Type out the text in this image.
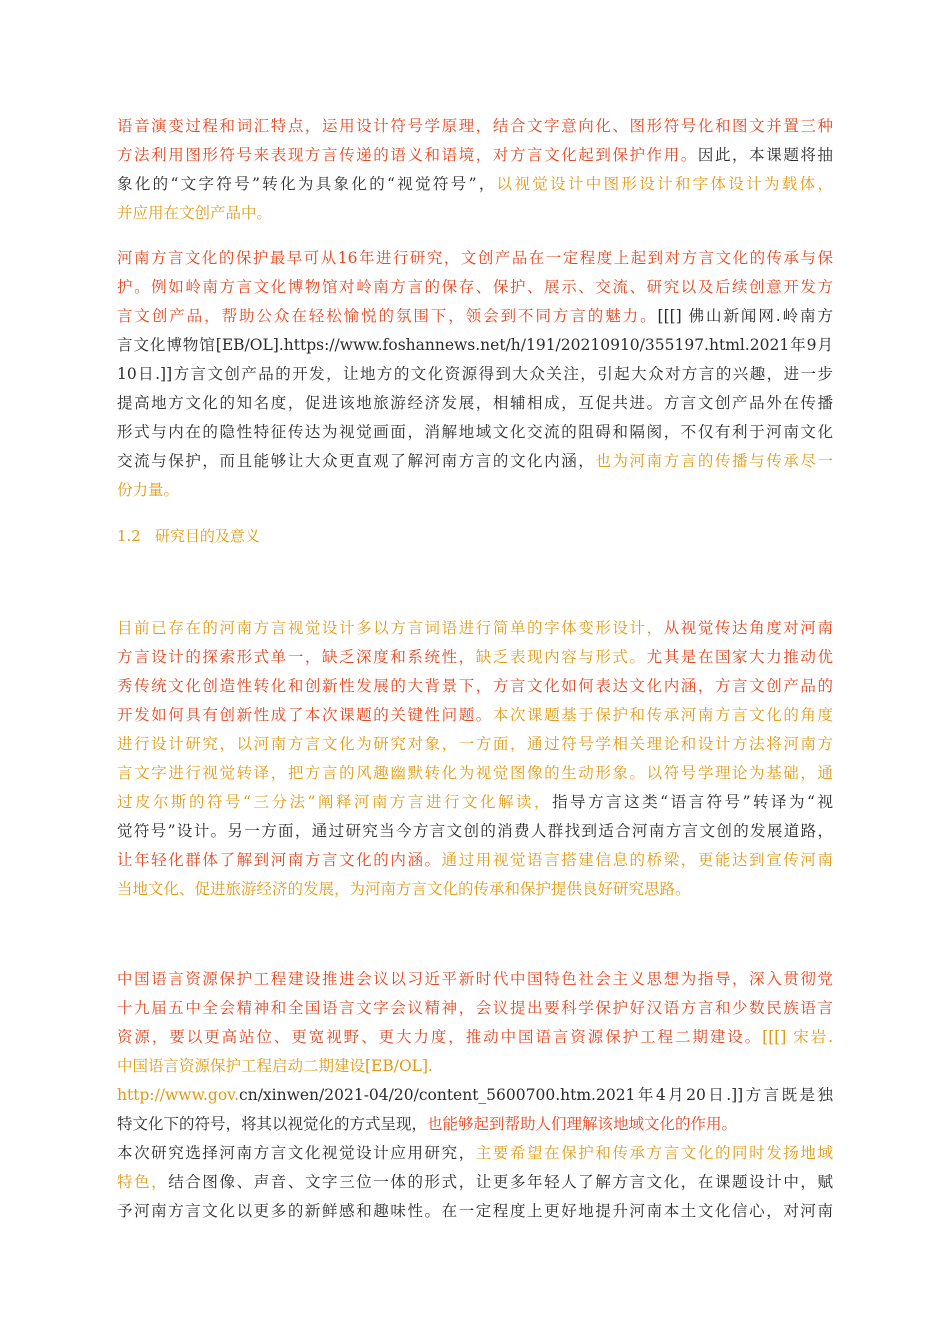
语音演变过程和词汇特点，运用设计符号学原理，结合文字意向化、图形符号化和图文并置三种
方法利用图形符号来表现方言传递的语义和语境，对方言文化起到保护作用。因此，本课题将抽
象化的“文字符号”转化为具象化的“视觉符号”，以视觉设计中图形设计和字体设计为载体，
并应用在文创产品中。

河南方言文化的保护最早可从16年进行研究，文创产品在一定程度上起到对方言文化的传承与保
护。例如岭南方言文化博物馆对岭南方言的保存、保护、展示、交流、研究以及后续创意开发方
言文创产品，帮助公众在轻松愉悦的氛围下，领会到不同方言的魅力。[[[] 佛山新闻网.岭南方
言文化博物馆[EB/OL].https://www.foshannews.net/h/191/20210910/355197.html.2021年9月
10日.]]方言文创产品的开发，让地方的文化资源得到大众关注，引起大众对方言的兴趣，进一步
提高地方文化的知名度，促进该地旅游经济发展，相辅相成，互促共进。方言文创产品外在传播
形式与内在的隐性特征传达为视觉画面，消解地域文化交流的阻碍和隔阂，不仅有利于河南文化
交流与保护，而且能够让大众更直观了解河南方言的文化内涵，也为河南方言的传播与传承尽一
份力量。

1.2 研究目的及意义

目前已存在的河南方言视觉设计多以方言词语进行简单的字体变形设计，从视觉传达角度对河南
方言设计的探索形式单一，缺乏深度和系统性，缺乏表现内容与形式。尤其是在国家大力推动优
秀传统文化创造性转化和创新性发展的大背景下，方言文化如何表达文化内涵，方言文创产品的
开发如何具有创新性成了本次课题的关键性问题。本次课题基于保护和传承河南方言文化的角度
进行设计研究，以河南方言文化为研究对象，一方面，通过符号学相关理论和设计方法将河南方
言文字进行视觉转译，把方言的风趣幽默转化为视觉图像的生动形象。以符号学理论为基础，通
过皮尔斯的符号“三分法”阐释河南方言进行文化解读，指导方言这类“语言符号”转译为“视
觉符号”设计。另一方面，通过研究当今方言文创的消费人群找到适合河南方言文创的发展道路，
让年轻化群体了解到河南方言文化的内涵。通过用视觉语言搭建信息的桥梁，更能达到宣传河南
当地文化、促进旅游经济的发展，为河南方言文化的传承和保护提供良好研究思路。

中国语言资源保护工程建设推进会议以习近平新时代中国特色社会主义思想为指导，深入贯彻党
十九届五中全会精神和全国语言文字会议精神，会议提出要科学保护好汉语方言和少数民族语言
资源，要以更高站位、更宽视野、更大力度，推动中国语言资源保护工程二期建设。[[[] 宋岩.
中国语言资源保护工程启动二期建设[EB/OL].
http://www.gov.cn/xinwen/2021-04/20/content_5600700.htm.2021年4月20日.]]方言既是独
特文化下的符号，将其以视觉化的方式呈现，也能够起到帮助人们理解该地域文化的作用。

本次研究选择河南方言文化视觉设计应用研究，主要希望在保护和传承方言文化的同时发扬地域
特色，结合图像、声音、文字三位一体的形式，让更多年轻人了解方言文化，在课题设计中，赋
予河南方言文化以更多的新鲜感和趣味性。在一定程度上更好地提升河南本土文化信心，对河南
